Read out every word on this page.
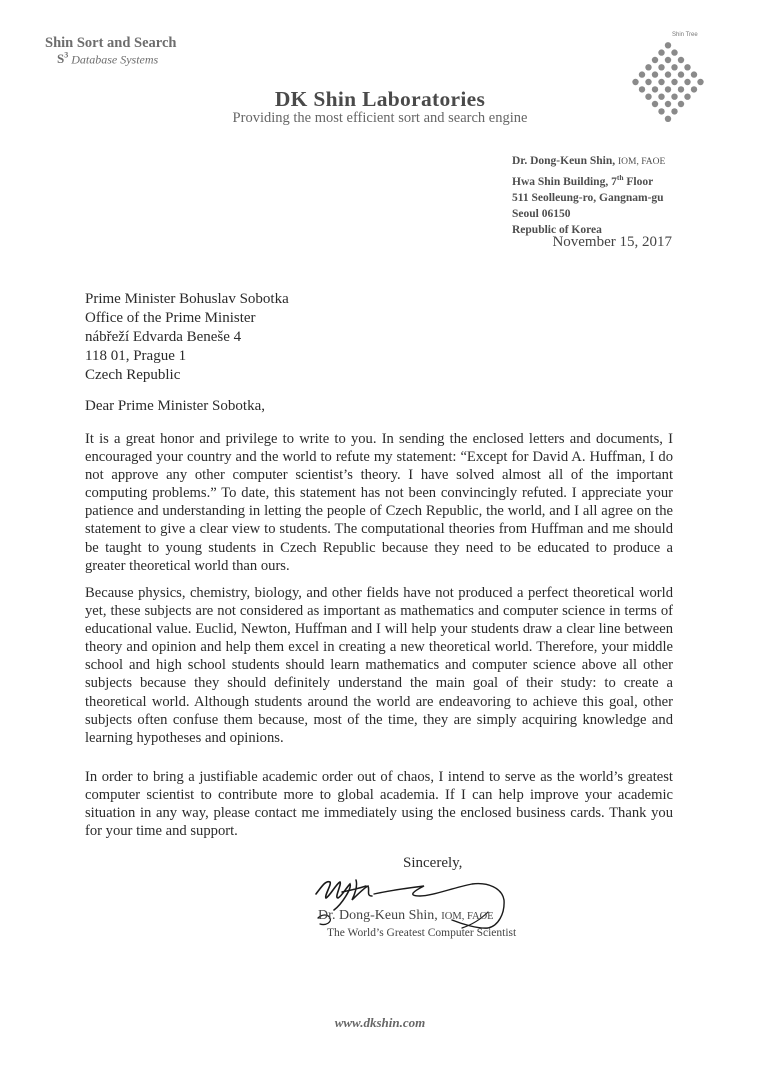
Shin Sort and Search
$S^3$ Database Systems
Shin Tree
DK Shin Laboratories
Providing the most efficient sort and search engine
Dr. Dong-Keun Shin, IOM, FAOE
Hwa Shin Building, 7th Floor
511 Seolleung-ro, Gangnam-gu
Seoul 06150
Republic of Korea
November 15, 2017
Prime Minister Bohuslav Sobotka
Office of the Prime Minister
nábřeží Edvarda Beneše 4
118 01, Prague 1
Czech Republic
Dear Prime Minister Sobotka,
It is a great honor and privilege to write to you. In sending the enclosed letters and documents, I encouraged your country and the world to refute my statement: “Except for David A. Huffman, I do not approve any other computer scientist’s theory. I have solved almost all of the important computing problems.” To date, this statement has not been convincingly refuted. I appreciate your patience and understanding in letting the people of Czech Republic, the world, and I all agree on the statement to give a clear view to students. The computational theories from Huffman and me should be taught to young students in Czech Republic because they need to be educated to produce a greater theoretical world than ours.
Because physics, chemistry, biology, and other fields have not produced a perfect theoretical world yet, these subjects are not considered as important as mathematics and computer science in terms of educational value. Euclid, Newton, Huffman and I will help your students draw a clear line between theory and opinion and help them excel in creating a new theoretical world. Therefore, your middle school and high school students should learn mathematics and computer science above all other subjects because they should definitely understand the main goal of their study: to create a theoretical world. Although students around the world are endeavoring to achieve this goal, other subjects often confuse them because, most of the time, they are simply acquiring knowledge and learning hypotheses and opinions.
In order to bring a justifiable academic order out of chaos, I intend to serve as the world’s greatest computer scientist to contribute more to global academia. If I can help improve your academic situation in any way, please contact me immediately using the enclosed business cards. Thank you for your time and support.
Sincerely,
Dr. Dong-Keun Shin, IOM, FAOE
The World’s Greatest Computer Scientist
www.dkshin.com
